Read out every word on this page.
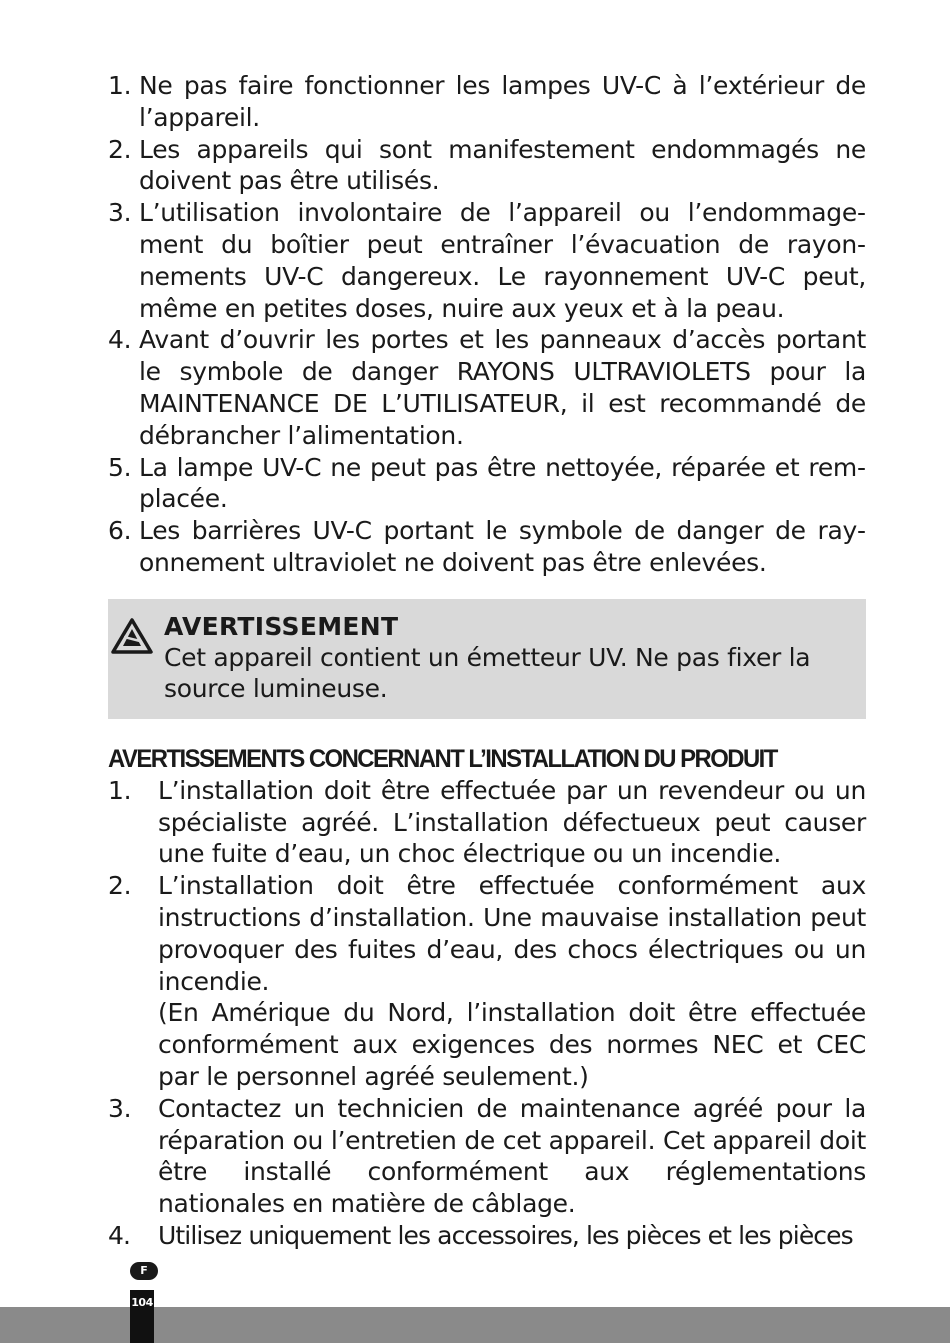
1. Ne pas faire fonctionner les lampes UV-C à l’extérieur de l’appareil.
2. Les appareils qui sont manifestement endommagés ne doivent pas être utilisés.
3. L’utilisation involontaire de l’appareil ou l’endommagement du boîtier peut entraîner l’évacuation de rayonnements UV-C dangereux. Le rayonnement UV-C peut, même en petites doses, nuire aux yeux et à la peau.
4. Avant d’ouvrir les portes et les panneaux d’accès portant le symbole de danger RAYONS ULTRAVIOLETS pour la MAINTENANCE DE L’UTILISATEUR, il est recommandé de débrancher l’alimentation.
5. La lampe UV-C ne peut pas être nettoyée, réparée et remplacée.
6. Les barrières UV-C portant le symbole de danger de rayonnement ultraviolet ne doivent pas être enlevées.
AVERTISSEMENT
Cet appareil contient un émetteur UV. Ne pas fixer la source lumineuse.
AVERTISSEMENTS CONCERNANT L’INSTALLATION DU PRODUIT
1. L’installation doit être effectuée par un revendeur ou un spécialiste agréé. L’installation défectueux peut causer une fuite d’eau, un choc électrique ou un incendie.
2. L’installation doit être effectuée conformément aux instructions d’installation. Une mauvaise installation peut provoquer des fuites d’eau, des chocs électriques ou un incendie.
(En Amérique du Nord, l’installation doit être effectuée conformément aux exigences des normes NEC et CEC par le personnel agréé seulement.)
3. Contactez un technicien de maintenance agréé pour la réparation ou l’entretien de cet appareil. Cet appareil doit être installé conformément aux réglementations nationales en matière de câblage.
4. Utilisez uniquement les accessoires, les pièces et les pièces
F
104
